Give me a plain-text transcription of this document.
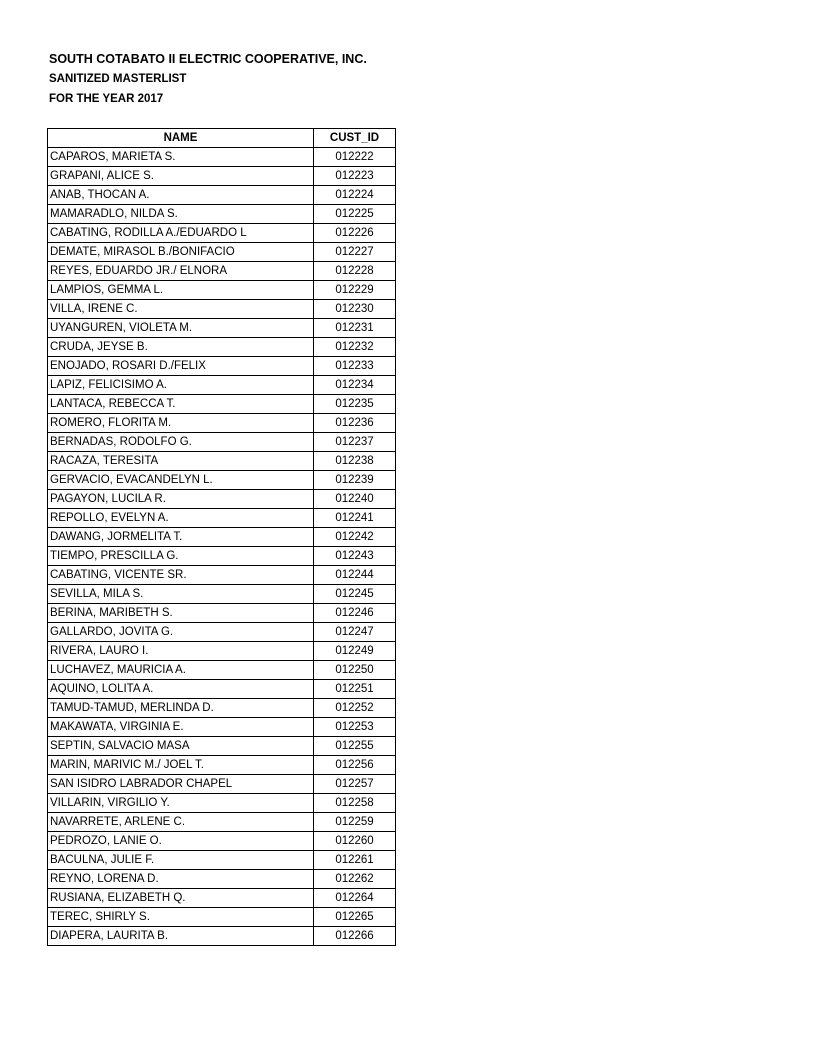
SOUTH COTABATO II ELECTRIC COOPERATIVE, INC.
SANITIZED MASTERLIST
FOR THE YEAR 2017
NAME	CUST_ID
CAPAROS, MARIETA S.	012222
GRAPANI, ALICE S.	012223
ANAB, THOCAN A.	012224
MAMARADLO, NILDA S.	012225
CABATING, RODILLA A./EDUARDO L	012226
DEMATE, MIRASOL B./BONIFACIO	012227
REYES, EDUARDO JR./ ELNORA	012228
LAMPIOS, GEMMA L.	012229
VILLA, IRENE C.	012230
UYANGUREN, VIOLETA M.	012231
CRUDA, JEYSE B.	012232
ENOJADO, ROSARI D./FELIX	012233
LAPIZ, FELICISIMO A.	012234
LANTACA, REBECCA T.	012235
ROMERO, FLORITA M.	012236
BERNADAS, RODOLFO G.	012237
RACAZA, TERESITA	012238
GERVACIO, EVACANDELYN L.	012239
PAGAYON, LUCILA R.	012240
REPOLLO, EVELYN A.	012241
DAWANG, JORMELITA T.	012242
TIEMPO, PRESCILLA G.	012243
CABATING, VICENTE SR.	012244
SEVILLA, MILA S.	012245
BERINA, MARIBETH S.	012246
GALLARDO, JOVITA G.	012247
RIVERA, LAURO I.	012249
LUCHAVEZ, MAURICIA A.	012250
AQUINO, LOLITA A.	012251
TAMUD-TAMUD, MERLINDA D.	012252
MAKAWATA, VIRGINIA E.	012253
SEPTIN, SALVACIO MASA	012255
MARIN, MARIVIC M./ JOEL T.	012256
SAN ISIDRO LABRADOR CHAPEL	012257
VILLARIN, VIRGILIO Y.	012258
NAVARRETE, ARLENE C.	012259
PEDROZO, LANIE O.	012260
BACULNA, JULIE F.	012261
REYNO, LORENA D.	012262
RUSIANA, ELIZABETH Q.	012264
TEREC, SHIRLY S.	012265
DIAPERA, LAURITA B.	012266
